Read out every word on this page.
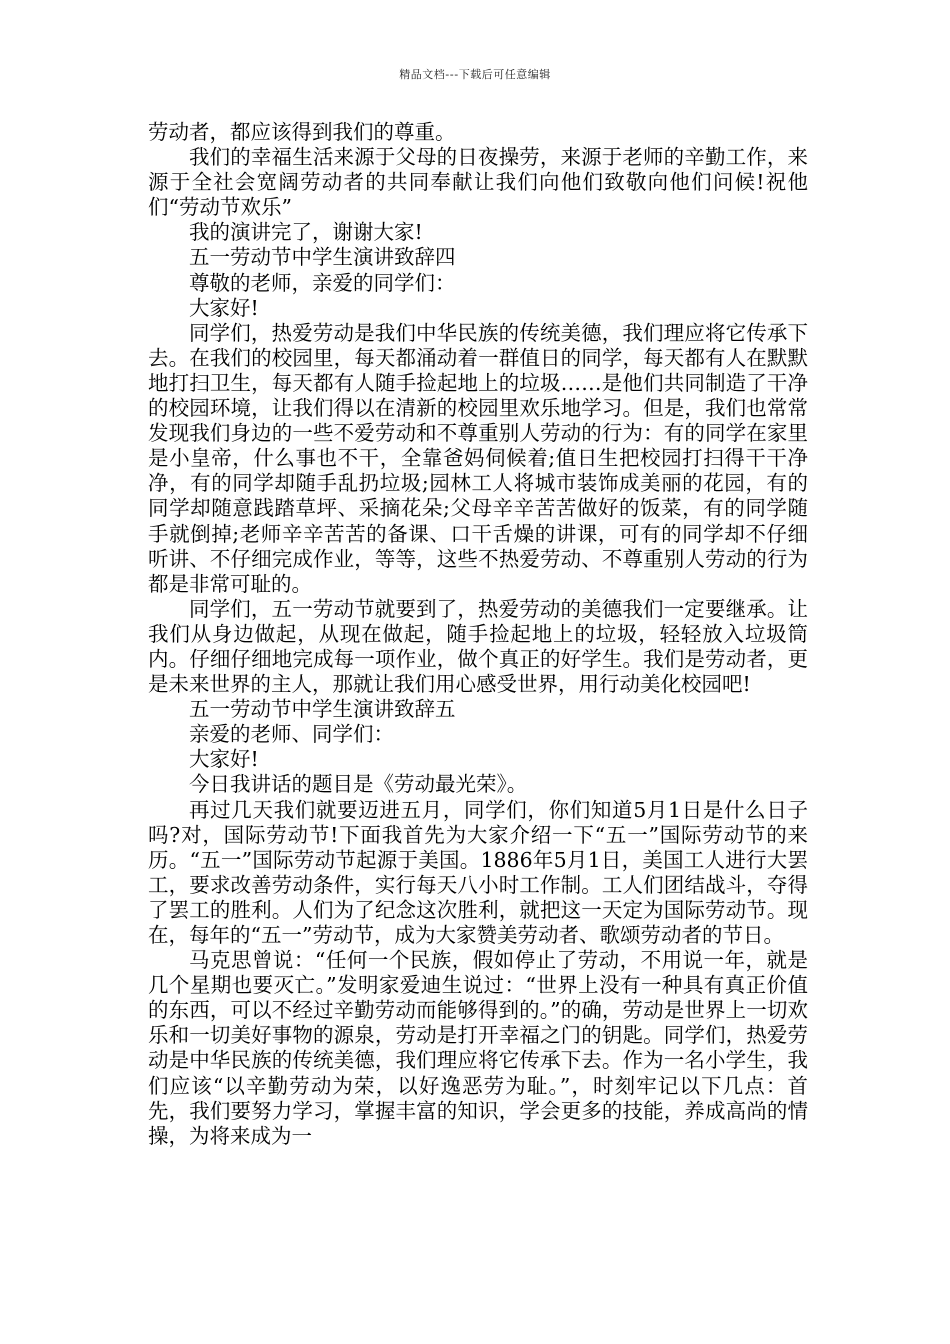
精品文档---下载后可任意编辑

劳动者，都应该得到我们的尊重。

我们的幸福生活来源于父母的日夜操劳，来源于老师的辛勤工作，来源于全社会宽阔劳动者的共同奉献让我们向他们致敬向他们问候!祝他们“劳动节欢乐”

我的演讲完了，谢谢大家!

五一劳动节中学生演讲致辞四

尊敬的老师，亲爱的同学们：

大家好!

同学们，热爱劳动是我们中华民族的传统美德，我们理应将它传承下去。在我们的校园里，每天都涌动着一群值日的同学，每天都有人在默默地打扫卫生，每天都有人随手捡起地上的垃圾……是他们共同制造了干净的校园环境，让我们得以在清新的校园里欢乐地学习。但是，我们也常常发现我们身边的一些不爱劳动和不尊重别人劳动的行为：有的同学在家里是小皇帝，什么事也不干，全靠爸妈伺候着;值日生把校园打扫得干干净净，有的同学却随手乱扔垃圾;园林工人将城市装饰成美丽的花园，有的同学却随意践踏草坪、采摘花朵;父母辛辛苦苦做好的饭菜，有的同学随手就倒掉;老师辛辛苦苦的备课、口干舌燥的讲课，可有的同学却不仔细听讲、不仔细完成作业，等等，这些不热爱劳动、不尊重别人劳动的行为都是非常可耻的。

同学们，五一劳动节就要到了，热爱劳动的美德我们一定要继承。让我们从身边做起，从现在做起，随手捡起地上的垃圾，轻轻放入垃圾筒内。仔细仔细地完成每一项作业，做个真正的好学生。我们是劳动者，更是未来世界的主人，那就让我们用心感受世界，用行动美化校园吧!

五一劳动节中学生演讲致辞五

亲爱的老师、同学们：

大家好!

今日我讲话的题目是《劳动最光荣》。

再过几天我们就要迈进五月，同学们，你们知道5月1日是什么日子吗?对，国际劳动节!下面我首先为大家介绍一下“五一”国际劳动节的来历。“五一”国际劳动节起源于美国。1886年5月1日，美国工人进行大罢工，要求改善劳动条件，实行每天八小时工作制。工人们团结战斗，夺得了罢工的胜利。人们为了纪念这次胜利，就把这一天定为国际劳动节。现在，每年的“五一”劳动节，成为大家赞美劳动者、歌颂劳动者的节日。

马克思曾说：“任何一个民族，假如停止了劳动，不用说一年，就是几个星期也要灭亡。”发明家爱迪生说过：“世界上没有一种具有真正价值的东西，可以不经过辛勤劳动而能够得到的。”的确，劳动是世界上一切欢乐和一切美好事物的源泉，劳动是打开幸福之门的钥匙。同学们，热爱劳动是中华民族的传统美德，我们理应将它传承下去。作为一名小学生，我们应该“以辛勤劳动为荣，以好逸恶劳为耻。”，时刻牢记以下几点：首先，我们要努力学习，掌握丰富的知识，学会更多的技能，养成高尚的情操，为将来成为一
